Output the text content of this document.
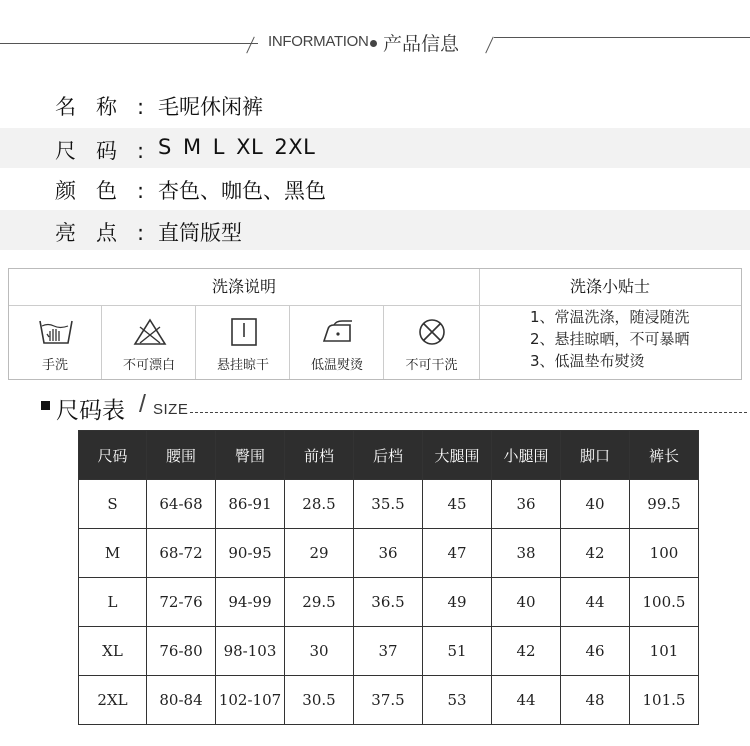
INFORMATION 产品信息
名称:
毛呢休闲裤
尺码:
S M L XL 2XL
颜色:
杏色、咖色、黑色
亮点:
直筒版型
洗涤说明	洗涤小贴士
手洗	不可漂白	悬挂晾干	低温熨烫	不可干洗
1、常温洗涤，随浸随洗
2、悬挂晾晒，不可暴晒
3、低温垫布熨烫
尺码表 / SIZE
尺码	腰围	臀围	前档	后档	大腿围	小腿围	脚口	裤长
S	64-68	86-91	28.5	35.5	45	36	40	99.5
M	68-72	90-95	29	36	47	38	42	100
L	72-76	94-99	29.5	36.5	49	40	44	100.5
XL	76-80	98-103	30	37	51	42	46	101
2XL	80-84	102-107	30.5	37.5	53	44	48	101.5
